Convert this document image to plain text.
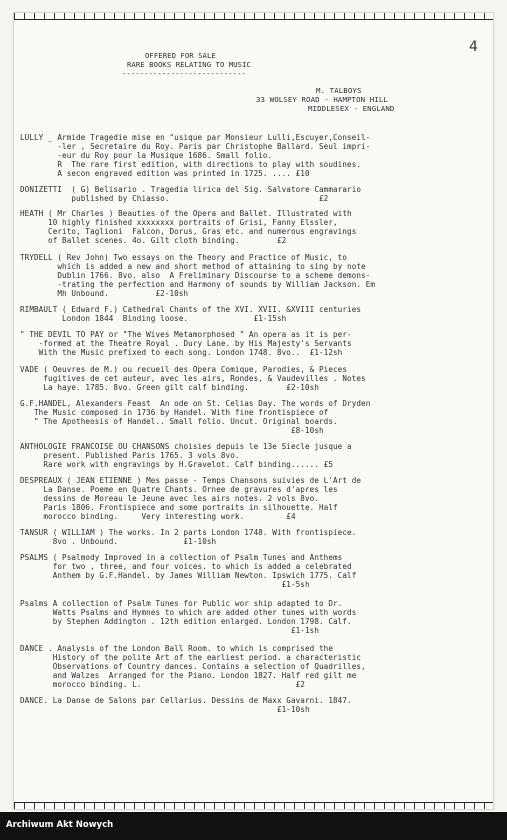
4
OFFERED FOR SALE
RARE BOOKS RELATING TO MUSIC
----------------------------
M. TALBOYS
33 WOLSEY ROAD - HAMPTON HILL
MIDDLESEX - ENGLAND
LULLY _ Armide Tragedie mise en "usique par Monsieur Lulli,Escuyer,Conseil-
-ler , Secretaire du Roy. Paris par Christophe Ballard. Seul impri-
-eur du Roy pour la Musique 1686. Small folio.
R  The rare first edition, with directions to play with soudines.
A secon engraved edition was printed in 1725. .... £10
DONIZETTI  ( G) Belisario . Tragedia lirica del Sig. Salvatore Cammarario
published by Chiasso.                                £2
HEATH ( Mr Charles ) Beauties of the Opera and Ballet. Illustrated with
10 highly finished xxxxxxxx portraits of Grisi, Fanny Elssler,
Cerito, Taglioni  Falcon, Dorus, Gras etc. and numerous engravings
of Ballet scenes. 4o. Gilt cloth binding.        £2
TRYDELL ( Rev John) Two essays on the Theory and Practice of Music, to
which is added a new and short method of attaining to sing by note
Dublin 1766. 8vo. also  A Freliminary Discourse to a scheme demons-
-trating the perfection and Harmony of sounds by William Jackson. Em
Mh Unbound.          £2-10sh
RIMBAULT ( Edward F.) Cathedral Chants of the XVI. XVII. &XVIII centuries
London 1844  Binding loose.              £1-15sh
" THE DEVIL TO PAY or "The Wives Metamorphosed " An opera as it is per-
-formed at the Theatre Royal . Dury Lane. by His Majesty's Servants
With the Music prefixed to each song. London 1748. 8vo..  £1-12sh
VADE ( Oeuvres de M.) ou recueil des Opera Comique, Parodies, & Pieces
fugitives de cet auteur, avec les airs, Rondes, & Vaudevilles . Notes
La haye. 1785. 8vo. Green gilt calf binding.        £2-10sh
G.F.HANDEL, Alexanders Feast  An ode on St. Celias Day. The words of Dryden
The Music composed in 1736 by Handel. With fine frontispiece of
" The Apotheosis of Handel.. Small folio. Uncut. Original boards.
£8-10sh
ANTHOLOGIE FRANCOISE OU CHANSONS choisies depuis le 13e Siecle jusque a
present. Published Paris 1765. 3 vols 8vo.
Rare work with engravings by H.Gravelot. Calf binding...... £5
DESPREAUX ( JEAN ETIENNE ) Mes passe - Temps Chansons suivies de L'Art de
La Danse. Poeme en Quatre Chants. Ornee de gravures d'apres les
dessins de Moreau le Jeune avec les airs notes. 2 vols 8vo.
Paris 1806. Frontispiece and some portraits in silhouette. Half
morocco binding.     Very interesting work.         £4
TANSUR ( WILLIAM ) The works. In 2 parts London 1748. With frontispiece.
8vo . Unbound.              £1-10sh
PSALMS ( Psalmody Improved in a collection of Psalm Tunes and Anthems
for two , three, and four voices. to which is added a celebrated
Anthem by G.F.Handel. by James William Newton. Ipswich 1775. Calf
£1-5sh
Psalms A collection of Psalm Tunes for Public wor ship adapted to Dr.
Watts Psalms and Hymnes to which are added other tunes with words
by Stephen Addington . 12th edition enlarged. London 1798. Calf.
£1-1sh
DANCE . Analysis of the London Ball Room. to which is comprised the
History of the polite Art of the earliest period. a characteristic
Observations of Country dances. Contains a selection of Quadrilles,
and Walzes  Arranged for the Piano. London 1827. Half red gilt me
morocco binding. L.                                 £2
DANCE. La Danse de Salons par Cellarius. Dessins de Maxx Gavarni. 1847.
£1-10sh
Archiwum Akt Nowych
